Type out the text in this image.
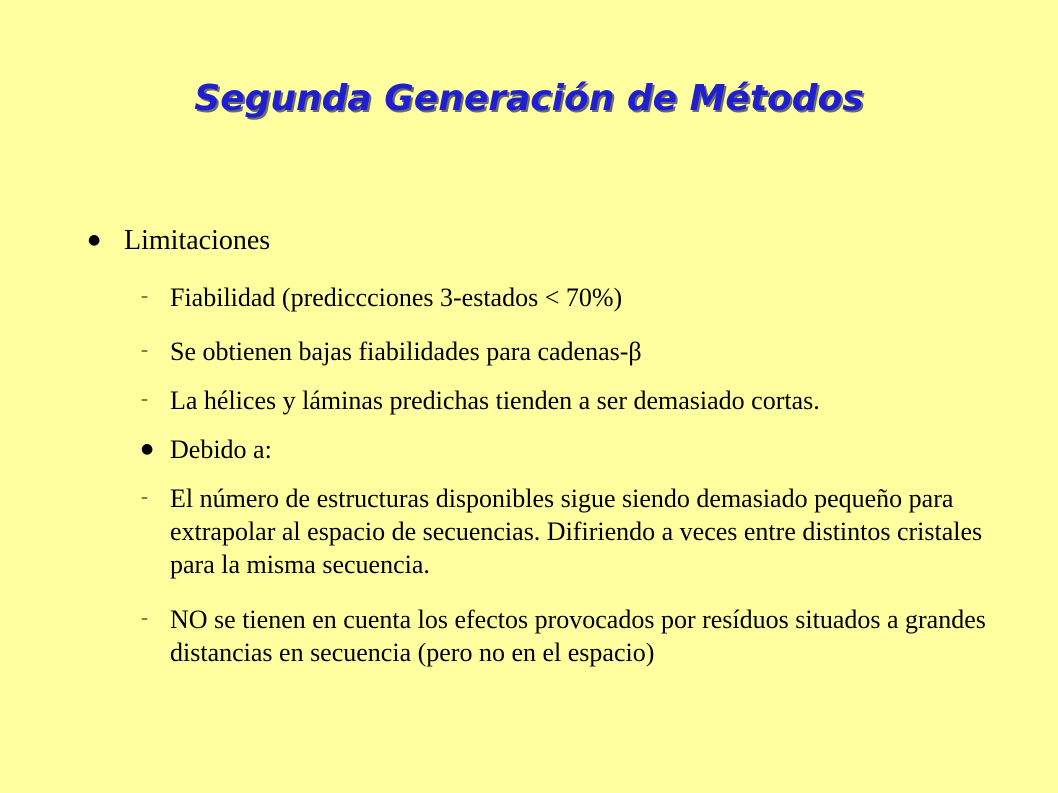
Segunda Generación de Métodos
● Limitaciones
– Fiabilidad (prediccciones 3-estados < 70%)
– Se obtienen bajas fiabilidades para cadenas-β
– La hélices y láminas predichas tienden a ser demasiado cortas.
● Debido a:
– El número de estructuras disponibles sigue siendo demasiado pequeño para extrapolar al espacio de secuencias. Difiriendo a veces entre distintos cristales para la misma secuencia.
– NO se tienen en cuenta los efectos provocados por resíduos situados a grandes distancias en secuencia (pero no en el espacio)
